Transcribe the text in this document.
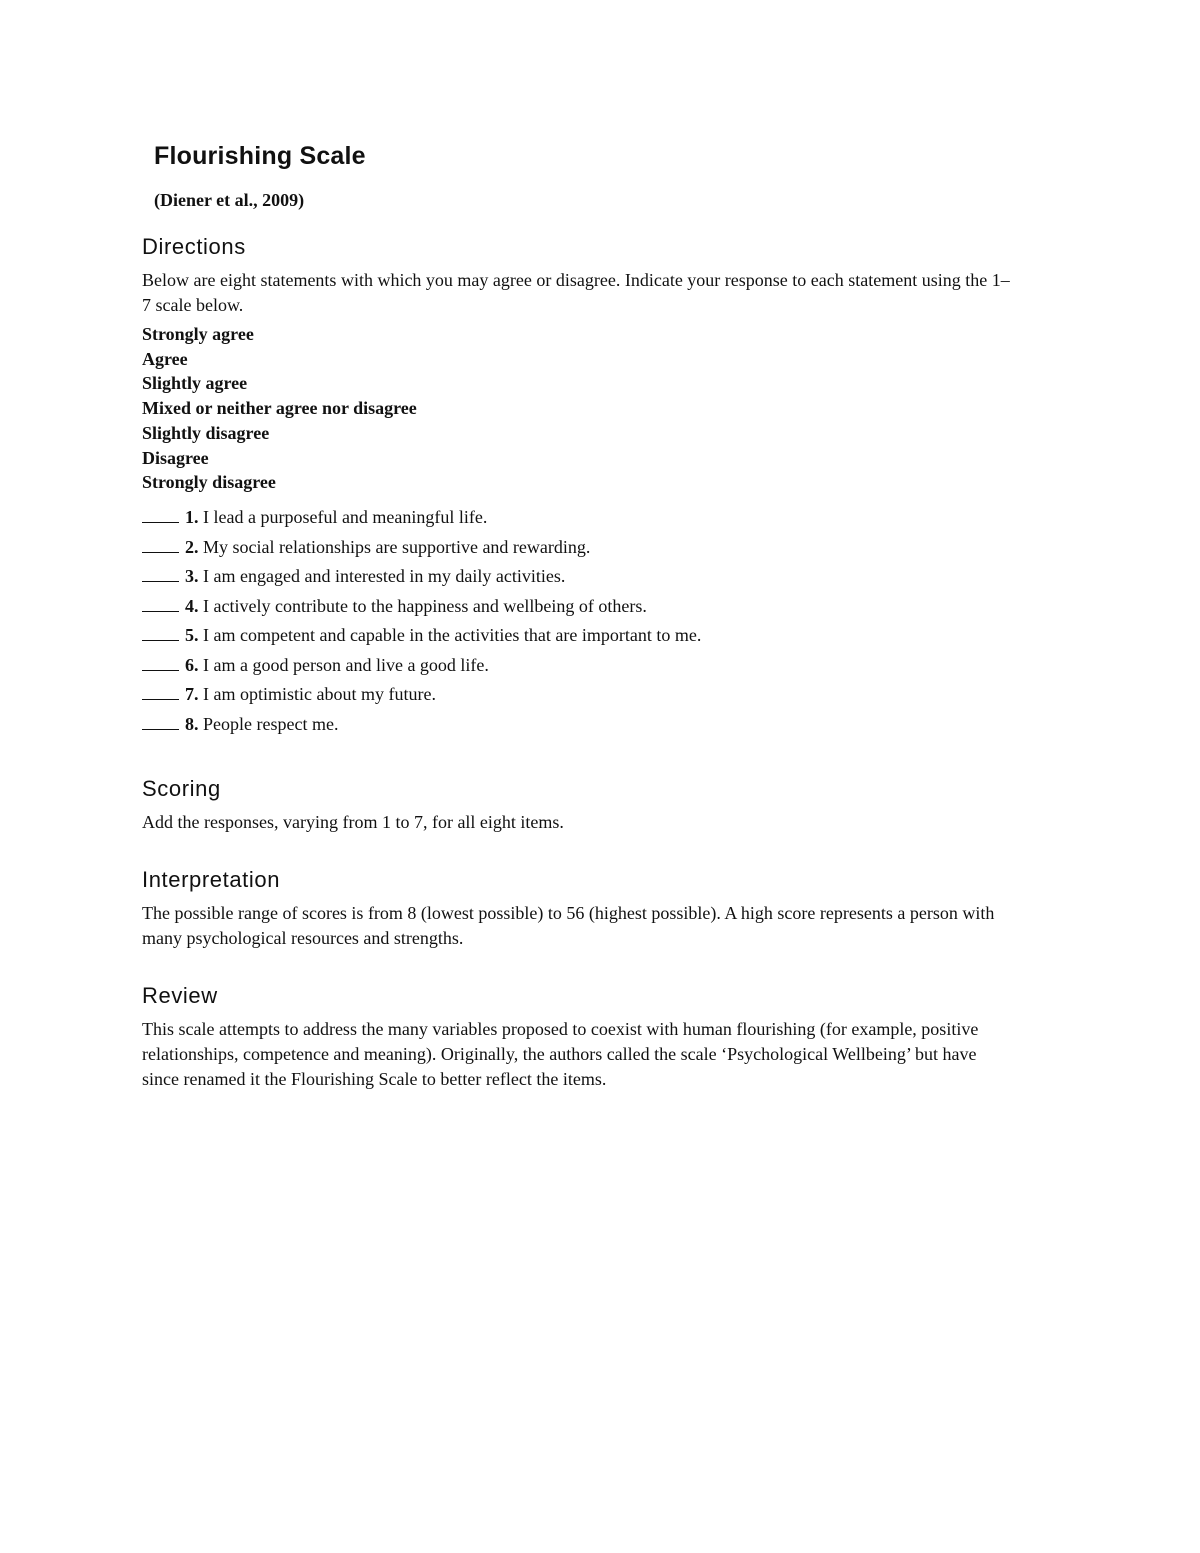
Flourishing Scale
(Diener et al., 2009)
Directions

Below are eight statements with which you may agree or disagree. Indicate your response to each statement using the 1–7 scale below.

Strongly agree
Agree
Slightly agree
Mixed or neither agree nor disagree
Slightly disagree
Disagree
Strongly disagree
1. I lead a purposeful and meaningful life.
2. My social relationships are supportive and rewarding.
3. I am engaged and interested in my daily activities.
4. I actively contribute to the happiness and wellbeing of others.
5. I am competent and capable in the activities that are important to me.
6. I am a good person and live a good life.
7. I am optimistic about my future.
8. People respect me.
Scoring

Add the responses, varying from 1 to 7, for all eight items.

Interpretation

The possible range of scores is from 8 (lowest possible) to 56 (highest possible). A high score represents a person with many psychological resources and strengths.

Review

This scale attempts to address the many variables proposed to coexist with human flourishing (for example, positive relationships, competence and meaning). Originally, the authors called the scale ‘Psychological Wellbeing’ but have since renamed it the Flourishing Scale to better reflect the items.
